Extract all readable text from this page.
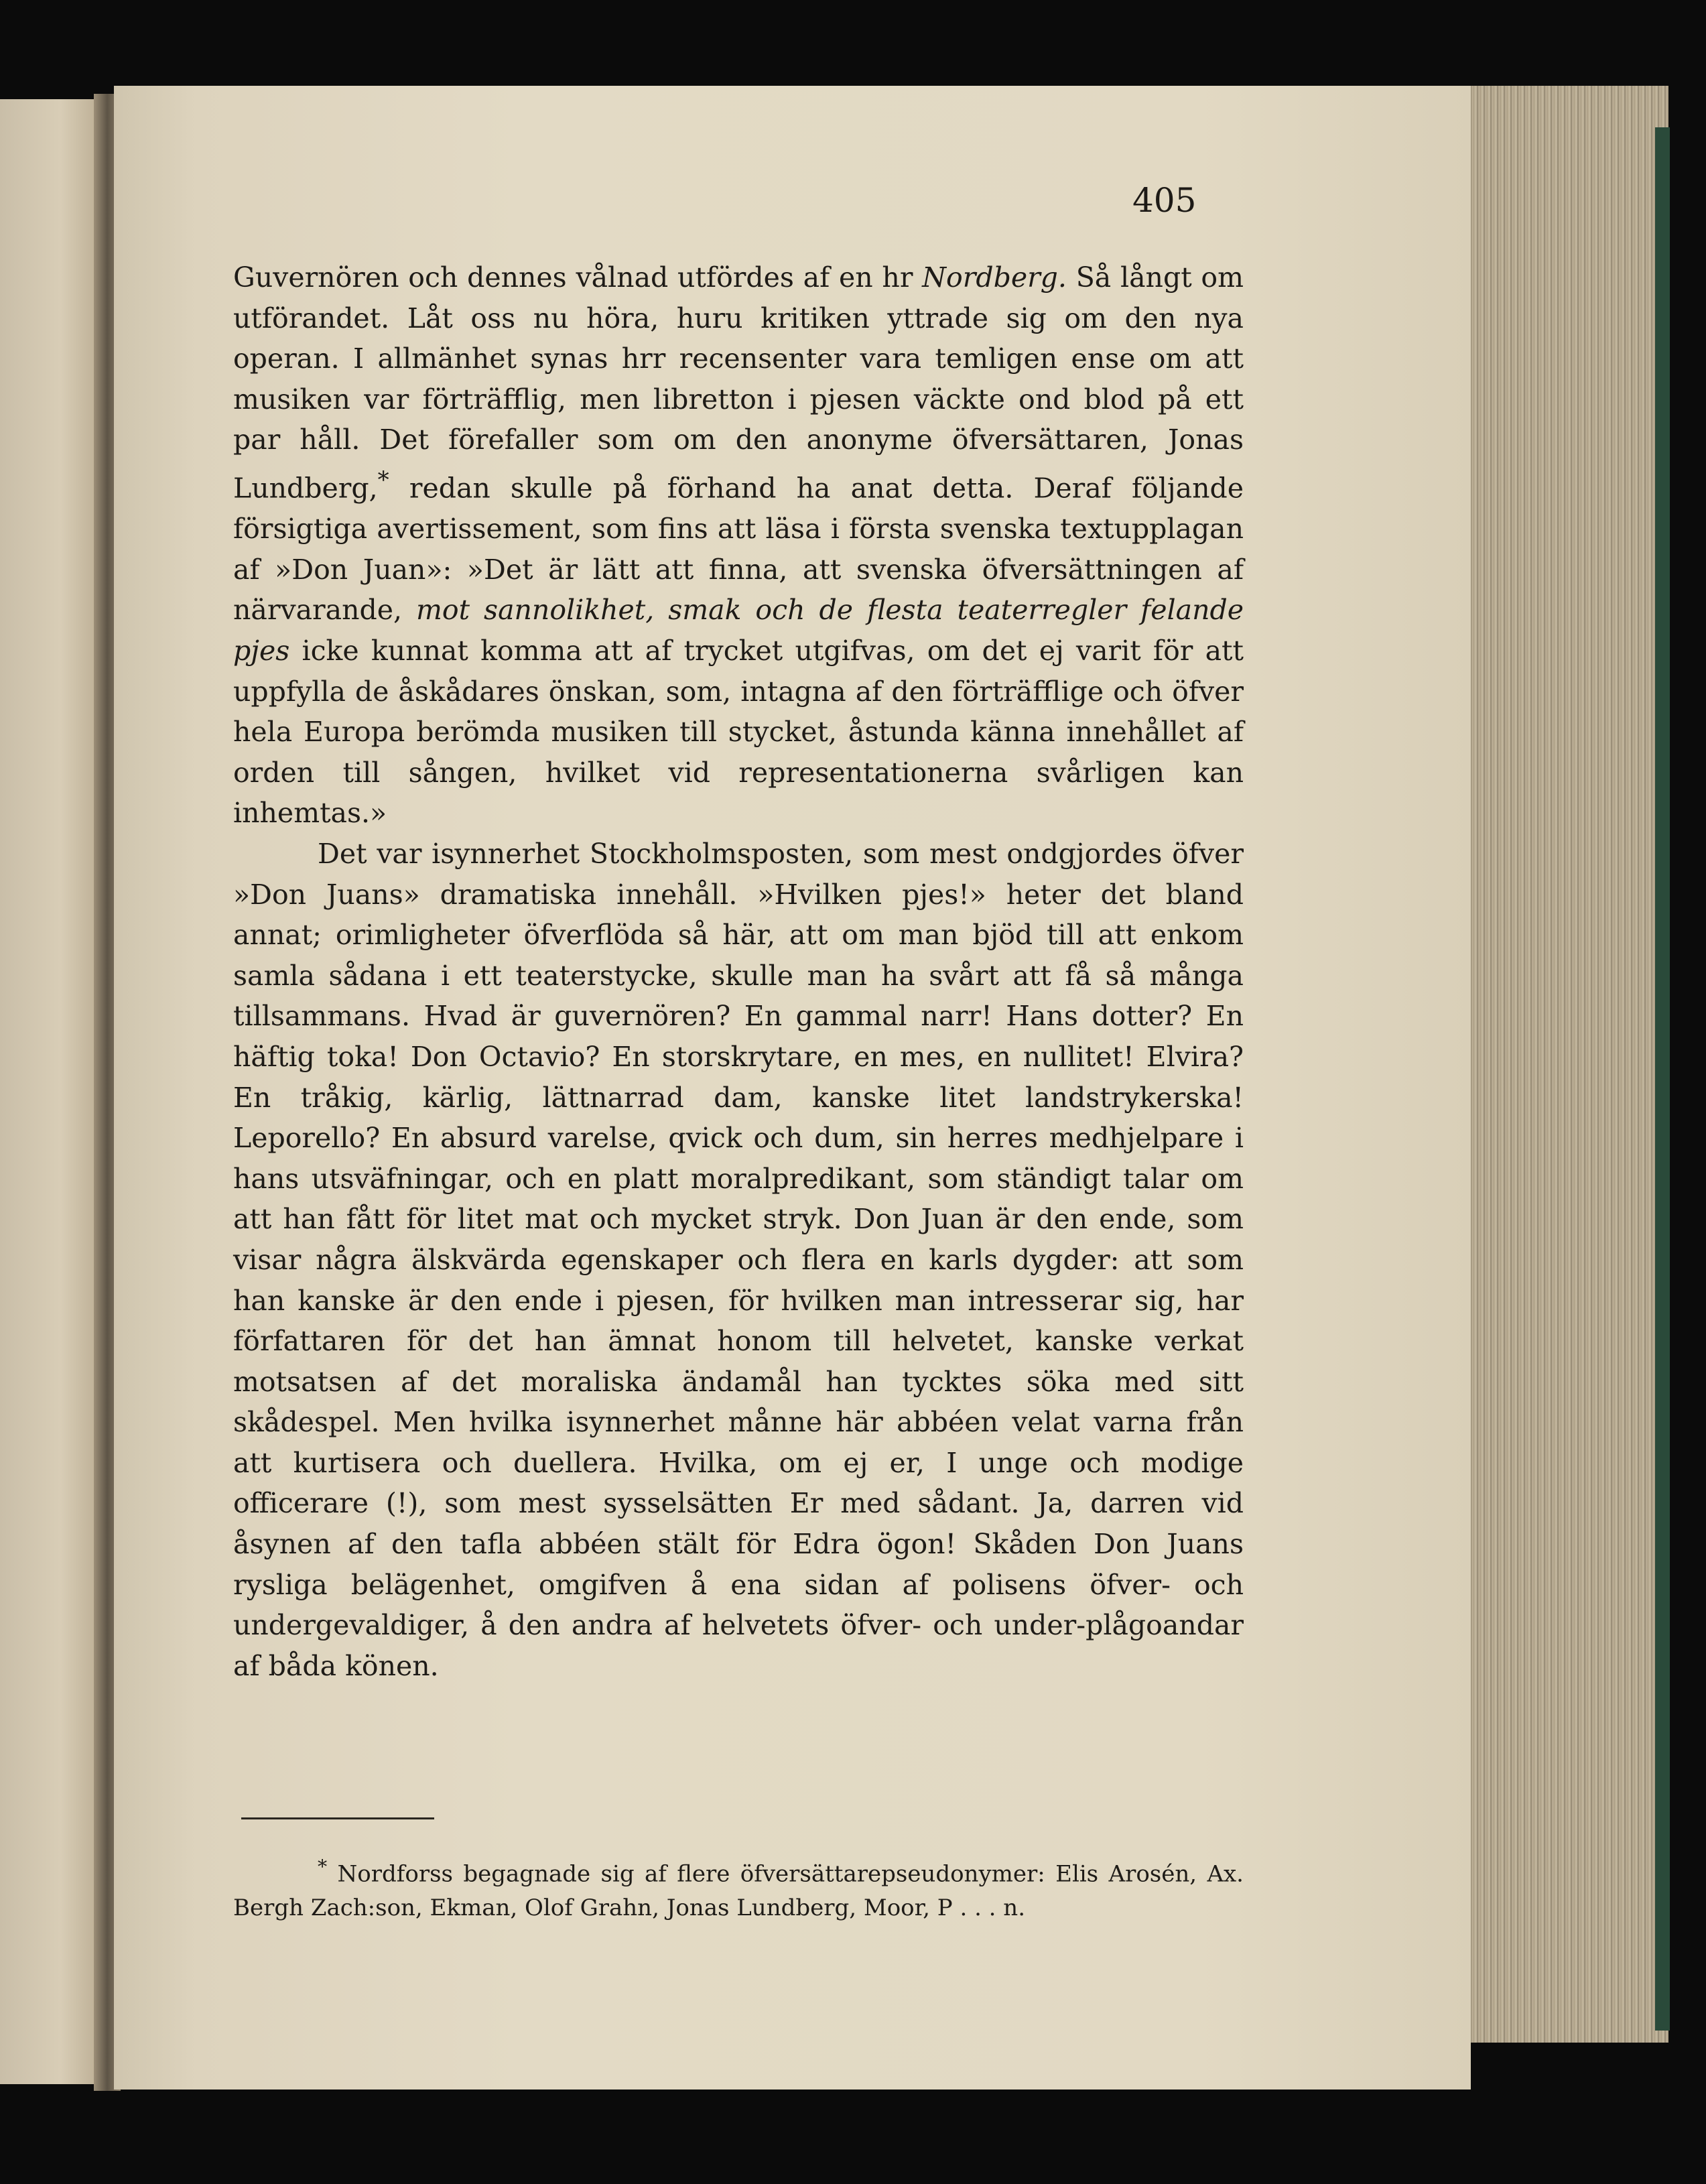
405

Guvernören och dennes vålnad utfördes af en hr Nordberg. Så långt om utförandet. Låt oss nu höra, huru kritiken yttrade sig om den nya operan. I allmänhet synas hrr recensenter vara temligen ense om att musiken var förträfflig, men libretton i pjesen väckte ond blod på ett par håll. Det förefaller som om den anonyme öfversättaren, Jonas Lundberg,* redan skulle på förhand ha anat detta. Deraf följande försigtiga avertissement, som fins att läsa i första svenska textupplagan af »Don Juan»: »Det är lätt att finna, att svenska öfversättningen af närvarande, mot sannolikhet, smak och de flesta teaterregler felande pjes icke kunnat komma att af trycket utgifvas, om det ej varit för att uppfylla de åskådares önskan, som, intagna af den förträfflige och öfver hela Europa berömda musiken till stycket, åstunda känna innehållet af orden till sången, hvilket vid representationerna svårligen kan inhemtas.»

Det var isynnerhet Stockholmsposten, som mest ondgjordes öfver »Don Juans» dramatiska innehåll. »Hvilken pjes!» heter det bland annat; orimligheter öfverflöda så här, att om man bjöd till att enkom samla sådana i ett teaterstycke, skulle man ha svårt att få så många tillsammans. Hvad är guvernören? En gammal narr! Hans dotter? En häftig toka! Don Octavio? En storskrytare, en mes, en nullitet! Elvira? En tråkig, kärlig, lättnarrad dam, kanske litet landstrykerska! Leporello? En absurd varelse, qvick och dum, sin herres medhjelpare i hans utsväfningar, och en platt moralpredikant, som ständigt talar om att han fått för litet mat och mycket stryk. Don Juan är den ende, som visar några älskvärda egenskaper och flera en karls dygder: att som han kanske är den ende i pjesen, för hvilken man intresserar sig, har författaren för det han ämnat honom till helvetet, kanske verkat motsatsen af det moraliska ändamål han tycktes söka med sitt skådespel. Men hvilka isynnerhet månne här abbéen velat varna från att kurtisera och duellera. Hvilka, om ej er, I unge och modige officerare (!), som mest sysselsätten Er med sådant. Ja, darren vid åsynen af den tafla abbéen stält för Edra ögon! Skåden Don Juans rysliga belägenhet, omgifven å ena sidan af polisens öfver- och undergevaldiger, å den andra af helvetets öfver- och under-plågoandar af båda könen.

* Nordforss begagnade sig af flere öfversättarepseudonymer: Elis Arosén, Ax. Bergh Zach:son, Ekman, Olof Grahn, Jonas Lundberg, Moor, P . . . n.
